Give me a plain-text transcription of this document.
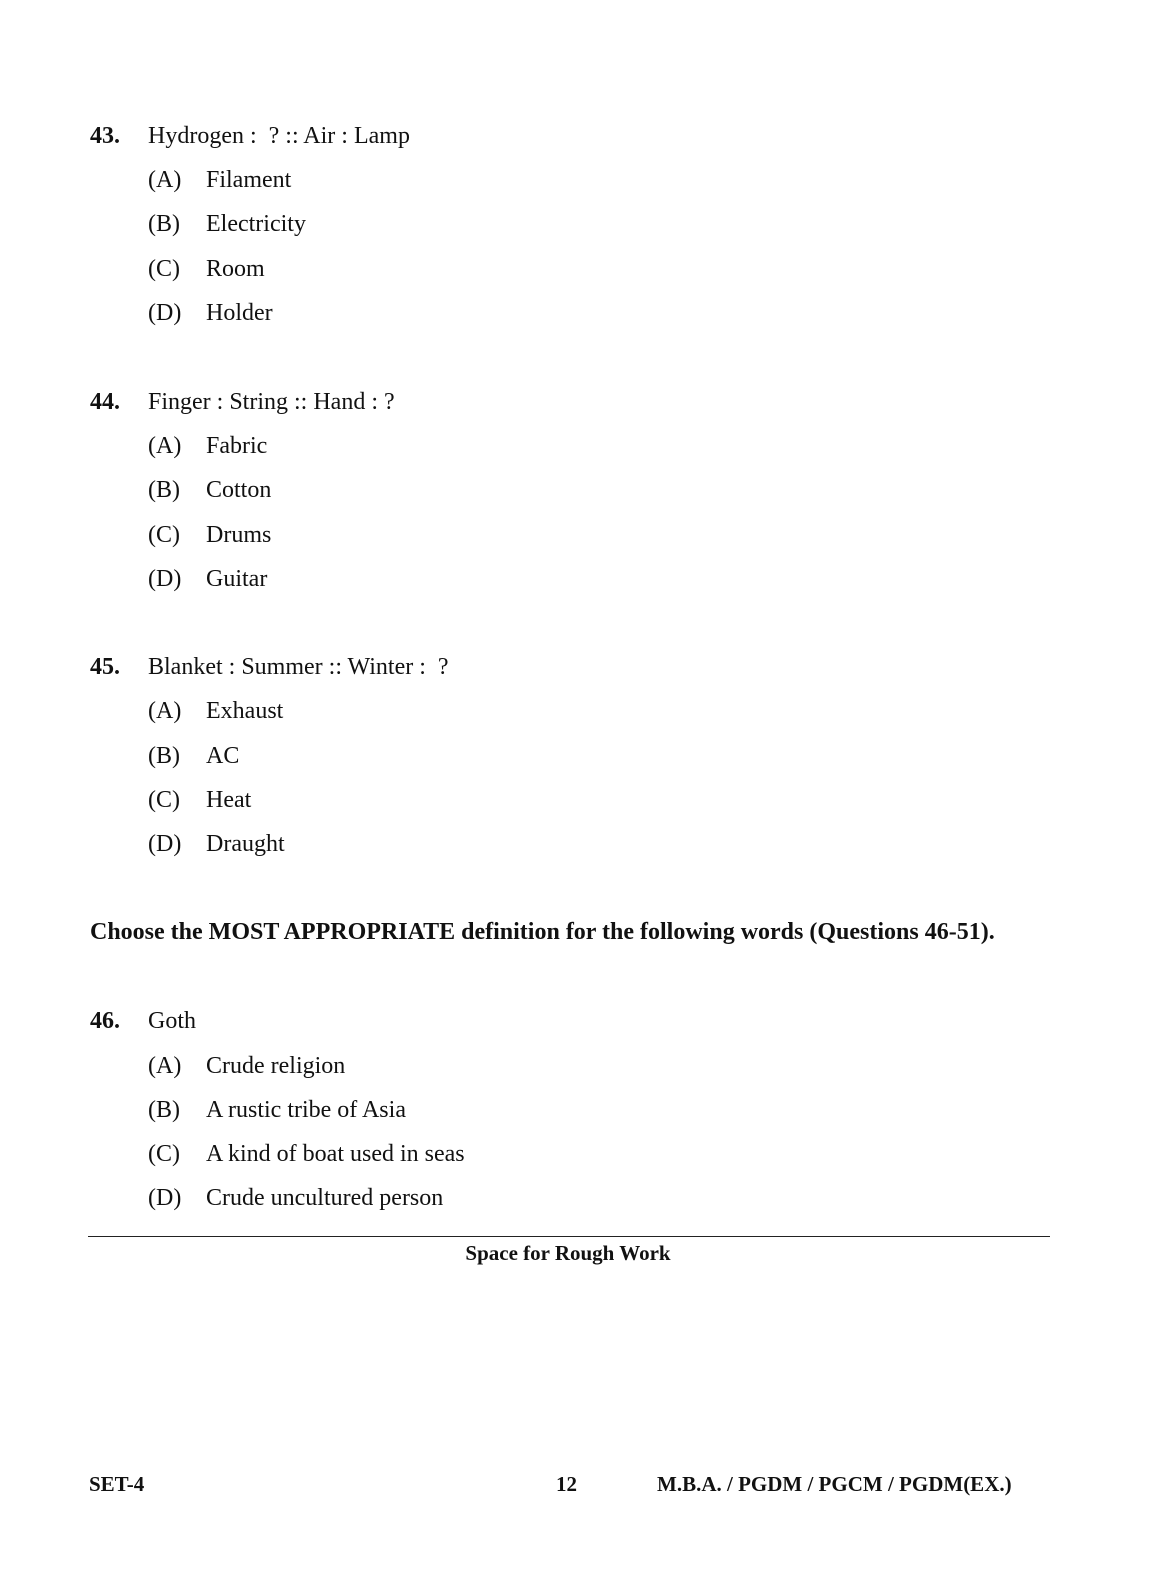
43. Hydrogen :  ? :: Air : Lamp
(A) Filament
(B) Electricity
(C) Room
(D) Holder
44. Finger : String :: Hand : ?
(A) Fabric
(B) Cotton
(C) Drums
(D) Guitar
45. Blanket : Summer :: Winter :  ?
(A) Exhaust
(B) AC
(C) Heat
(D) Draught
Choose the MOST APPROPRIATE definition for the following words (Questions 46-51).
46. Goth
(A) Crude religion
(B) A rustic tribe of Asia
(C) A kind of boat used in seas
(D) Crude uncultured person
Space for Rough Work
SET-4	12	M.B.A. / PGDM / PGCM / PGDM(EX.)
